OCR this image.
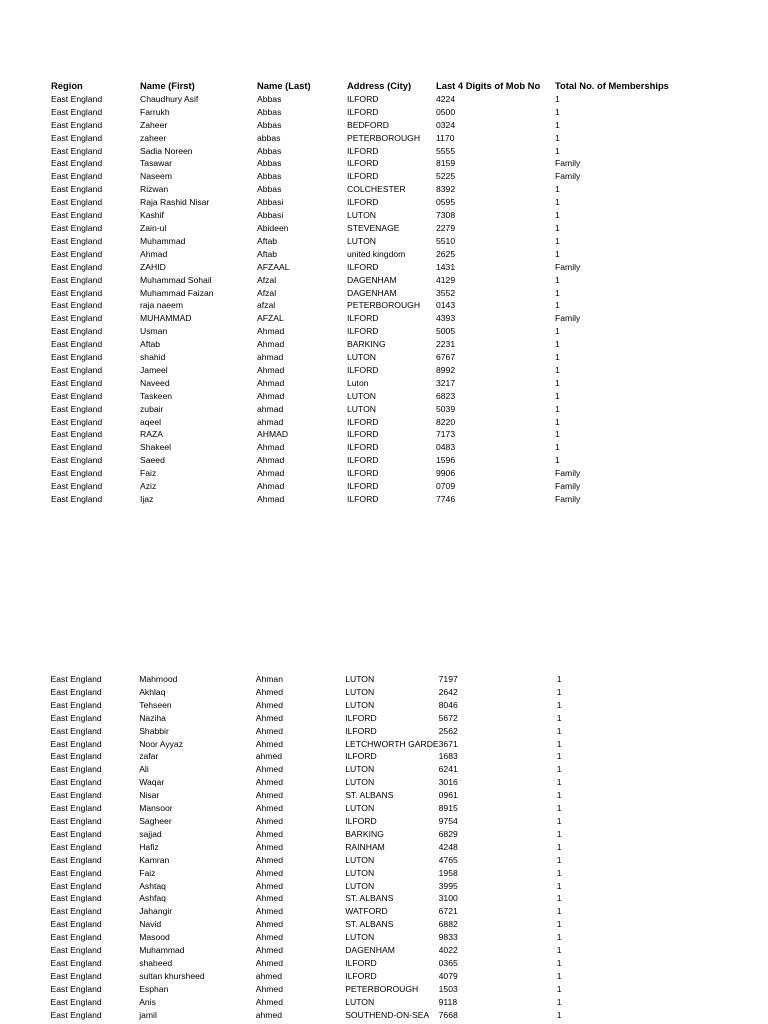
	Region	Name (First)	Name (Last)	Address (City)	Last 4 Digits of Mob No	Total No. of Memberships
	East England	Chaudhury Asif	Abbas	ILFORD	4224	1
	East England	Farrukh	Abbas	ILFORD	0500	1
	East England	Zaheer	Abbas	BEDFORD	0324	1
	East England	zaheer	abbas	PETERBOROUGH	1170	1
	East England	Sadia Noreen	Abbas	ILFORD	5555	1
	East England	Tasawar	Abbas	ILFORD	8159	Family
	East England	Naseem	Abbas	ILFORD	5225	Family
	East England	Rizwan	Abbas	COLCHESTER	8392	1
	East England	Raja Rashid Nisar	Abbasi	ILFORD	0595	1
	East England	Kashif	Abbasi	LUTON	7308	1
	East England	Zain-ul	Abideen	STEVENAGE	2279	1
	East England	Muhammad	Aftab	LUTON	5510	1
	East England	Ahmad	Aftab	united kingdom	2625	1
	East England	ZAHID	AFZAAL	ILFORD	1431	Family
	East England	Muhammad Sohail	Afzal	DAGENHAM	4129	1
	East England	Muhammad Faizan	Afzal	DAGENHAM	3552	1
	East England	raja naeem	afzal	PETERBOROUGH	0143	1
	East England	MUHAMMAD	AFZAL	ILFORD	4393	Family
	East England	Usman	Ahmad	ILFORD	5005	1
	East England	Aftab	Ahmad	BARKING	2231	1
	East England	shahid	ahmad	LUTON	6767	1
	East England	Jameel	Ahmad	ILFORD	8992	1
	East England	Naveed	Ahmad	Luton	3217	1
	East England	Taskeen	Ahmad	LUTON	6823	1
	East England	zubair	ahmad	LUTON	5039	1
	East England	aqeel	ahmad	ILFORD	8220	1
	East England	RAZA	AHMAD	ILFORD	7173	1
	East England	Shakeel	Ahmad	ILFORD	0483	1
	East England	Saeed	Ahmad	ILFORD	1596	1
	East England	Faiz	Ahmad	ILFORD	9906	Family
	East England	Aziz	Ahmad	ILFORD	0709	Family
	East England	Ijaz	Ahmad	ILFORD	7746	Family
	East England	Mahmood	Ahman	LUTON	7197	1
	East England	Akhlaq	Ahmed	LUTON	2642	1
	East England	Tehseen	Ahmed	LUTON	8046	1
	East England	Naziha	Ahmed	ILFORD	5672	1
	East England	Shabbir	Ahmed	ILFORD	2562	1
	East England	Noor Ayyaz	Ahmed	LETCHWORTH GARDE	3671	1
	East England	zafar	ahmed	ILFORD	1683	1
	East England	Ali	Ahmed	LUTON	6241	1
	East England	Waqar	Ahmed	LUTON	3016	1
	East England	Nisar	Ahmed	ST. ALBANS	0961	1
	East England	Mansoor	Ahmed	LUTON	8915	1
	East England	Sagheer	Ahmed	ILFORD	9754	1
	East England	sajjad	Ahmed	BARKING	6829	1
	East England	Hafiz	Ahmed	RAINHAM	4248	1
	East England	Kamran	Ahmed	LUTON	4765	1
	East England	Faiz	Ahmed	LUTON	1958	1
	East England	Ashtaq	Ahmed	LUTON	3995	1
	East England	Ashfaq	Ahmed	ST. ALBANS	3100	1
	East England	Jahangir	Ahmed	WATFORD	6721	1
	East England	Navid	Ahmed	ST. ALBANS	6882	1
	East England	Masood	Ahmed	LUTON	9833	1
	East England	Muhammad	Ahmed	DAGENHAM	4022	1
	East England	shaheed	Ahmed	ILFORD	0365	1
	East England	sultan khursheed	ahmed	ILFORD	4079	1
	East England	Esphan	Ahmed	PETERBOROUGH	1503	1
	East England	Anis	Ahmed	LUTON	9118	1
	East England	jamil	ahmed	SOUTHEND-ON-SEA	7668	1
